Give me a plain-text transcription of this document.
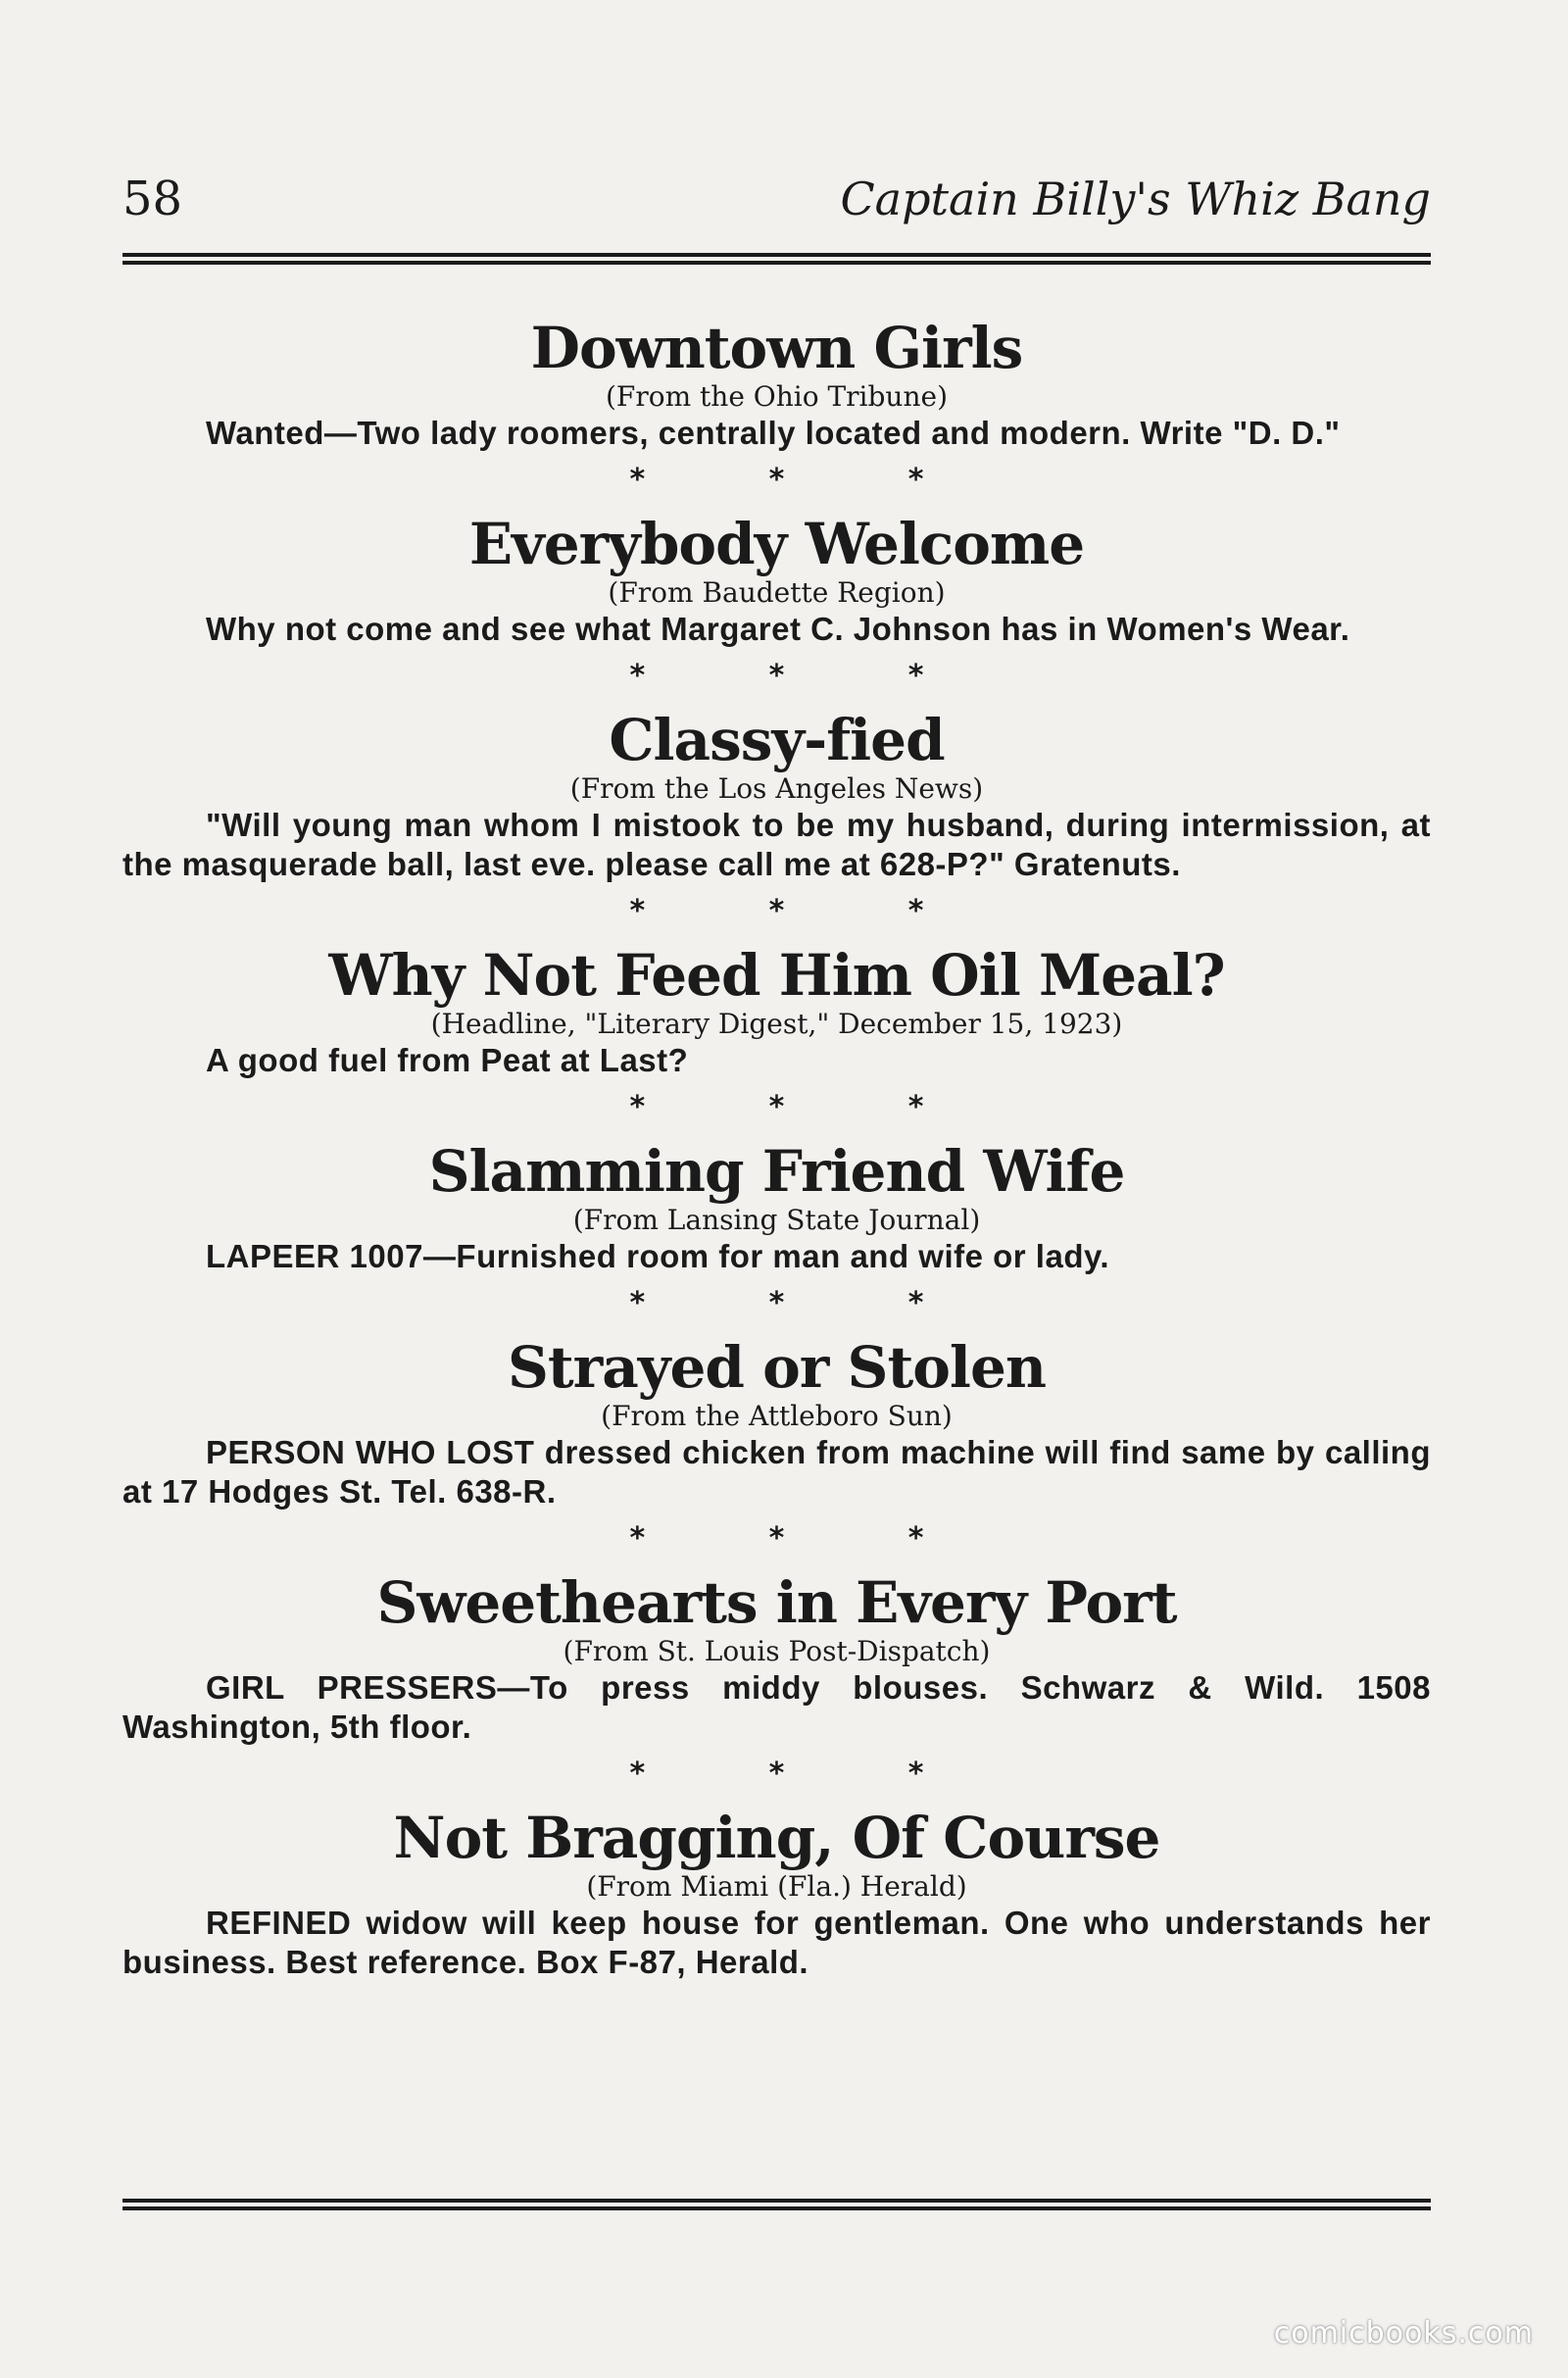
58	Captain Billy's Whiz Bang
Downtown Girls
(From the Ohio Tribune)
Wanted—Two lady roomers, centrally located and modern. Write "D. D."
* * *
Everybody Welcome
(From Baudette Region)
Why not come and see what Margaret C. Johnson has in Women's Wear.
* * *
Classy-fied
(From the Los Angeles News)
"Will young man whom I mistook to be my husband, during intermission, at the masquerade ball, last eve. please call me at 628-P?" Gratenuts.
* * *
Why Not Feed Him Oil Meal?
(Headline, "Literary Digest," December 15, 1923)
A good fuel from Peat at Last?
* * *
Slamming Friend Wife
(From Lansing State Journal)
LAPEER 1007—Furnished room for man and wife or lady.
* * *
Strayed or Stolen
(From the Attleboro Sun)
PERSON WHO LOST dressed chicken from machine will find same by calling at 17 Hodges St. Tel. 638-R.
* * *
Sweethearts in Every Port
(From St. Louis Post-Dispatch)
GIRL PRESSERS—To press middy blouses. Schwarz & Wild. 1508 Washington, 5th floor.
* * *
Not Bragging, Of Course
(From Miami (Fla.) Herald)
REFINED widow will keep house for gentleman. One who understands her business. Best reference. Box F-87, Herald.
comicbooks.com
